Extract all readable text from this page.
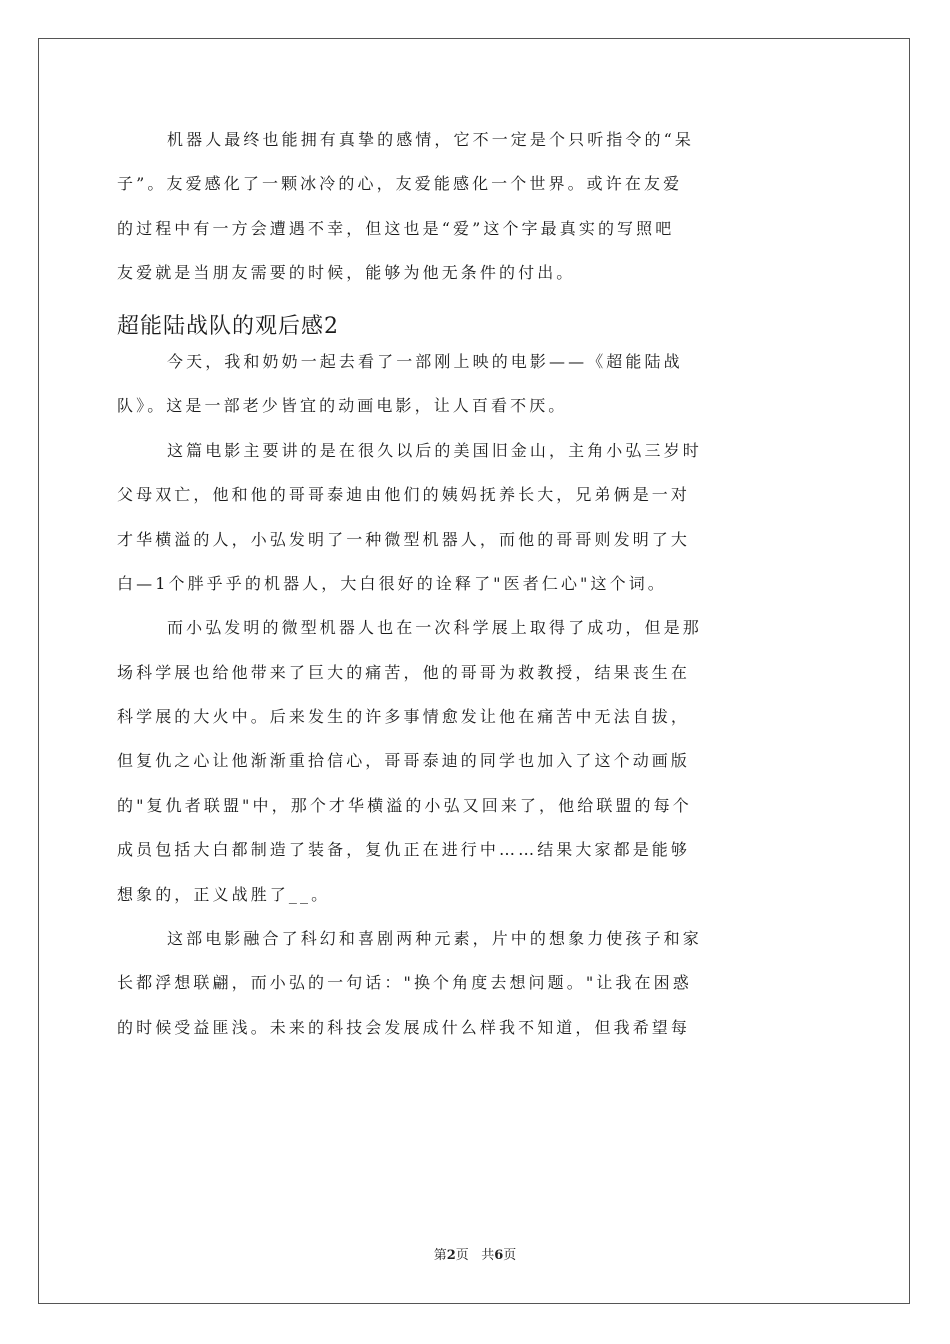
机器人最终也能拥有真挚的感情，它不一定是个只听指令的“呆
子”。友爱感化了一颗冰冷的心，友爱能感化一个世界。或许在友爱
的过程中有一方会遭遇不幸，但这也是“爱”这个字最真实的写照吧
友爱就是当朋友需要的时候，能够为他无条件的付出。
超能陆战队的观后感2
今天，我和奶奶一起去看了一部刚上映的电影——《超能陆战
队》。这是一部老少皆宜的动画电影，让人百看不厌。
这篇电影主要讲的是在很久以后的美国旧金山，主角小弘三岁时
父母双亡，他和他的哥哥泰迪由他们的姨妈抚养长大，兄弟俩是一对
才华横溢的人，小弘发明了一种微型机器人，而他的哥哥则发明了大
白—1个胖乎乎的机器人，大白很好的诠释了"医者仁心"这个词。
而小弘发明的微型机器人也在一次科学展上取得了成功，但是那
场科学展也给他带来了巨大的痛苦，他的哥哥为救教授，结果丧生在
科学展的大火中。后来发生的许多事情愈发让他在痛苦中无法自拔，
但复仇之心让他渐渐重拾信心，哥哥泰迪的同学也加入了这个动画版
的"复仇者联盟"中，那个才华横溢的小弘又回来了，他给联盟的每个
成员包括大白都制造了装备，复仇正在进行中……结果大家都是能够
想象的，正义战胜了__。
这部电影融合了科幻和喜剧两种元素，片中的想象力使孩子和家
长都浮想联翩，而小弘的一句话："换个角度去想问题。"让我在困惑
的时候受益匪浅。未来的科技会发展成什么样我不知道，但我希望每
第2页 共6页
